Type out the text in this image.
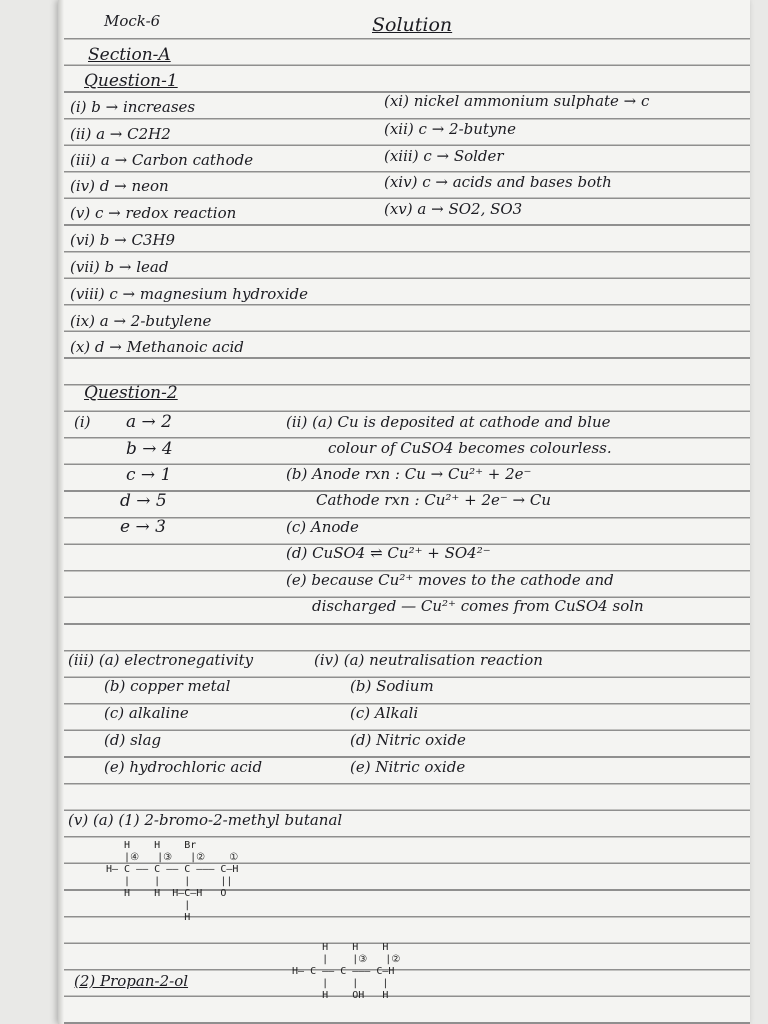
Mock-6	Solution
Section-A
Question-1
(i) b → increases
(ii) a → C2H2
(iii) a → Carbon cathode
(iv) d → neon
(v) c → redox reaction
(vi) b → C3H9
(vii) b → lead
(viii) c → magnesium hydroxide
(ix) a → 2-butylene
(x) d → Methanoic acid
(xi) nickel ammonium sulphate → c
(xii) c → 2-butyne
(xiii) c → Solder
(xiv) c → acids and bases both
(xv) a → SO2, SO3
Question-2
(i) a → 2
b → 4
c → 1
d → 5
e → 3
(ii) (a) Cu is deposited at cathode and blue
colour of CuSO4 becomes colourless.
(b) Anode rxn : Cu → Cu²⁺ + 2e⁻
Cathode rxn : Cu²⁺ + 2e⁻ → Cu
(c) Anode
(d) CuSO4 ⇌ Cu²⁺ + SO4²⁻
(e) because Cu²⁺ moves to the cathode and
discharged — Cu²⁺ comes from CuSO4 soln
(iii) (a) electronegativity
(b) copper metal
(c) alkaline
(d) slag
(e) hydrochloric acid
(iv) (a) neutralisation reaction
(b) Sodium
(c) Alkali
(d) Nitric oxide
(e) Nitric oxide
(v) (a) (1) 2-bromo-2-methyl butanal
H    H    Br
|④   |③   |②    ①
H— C —— C —— C ——— C—H
|    |    |     ||
H    H  H—C—H   O
|
H
(2) Propan-2-ol
H    H    H
|    |③   |②
H— C —— C ——— C—H
|    |    |
H    OH   H
